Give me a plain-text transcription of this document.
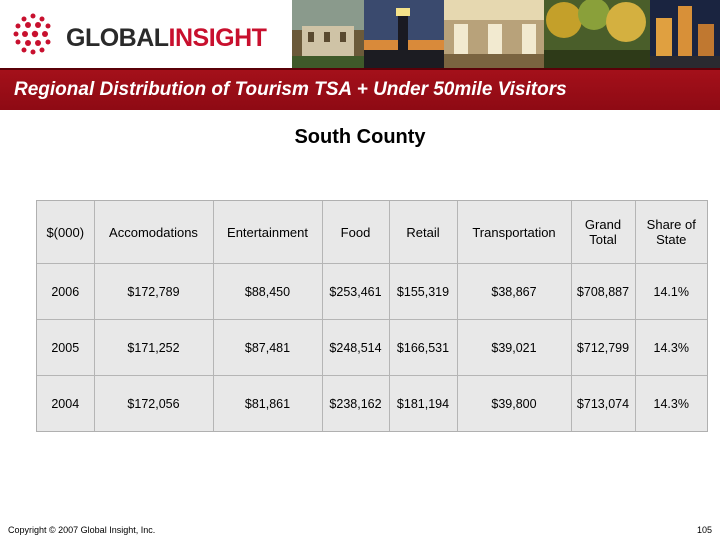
GLOBALINSIGHT
Regional Distribution of Tourism TSA + Under 50mile Visitors
South County
$(000)	Accomodations	Entertainment	Food	Retail	Transportation	Grand Total	Share of State
2006	$172,789	$88,450	$253,461	$155,319	$38,867	$708,887	14.1%
2005	$171,252	$87,481	$248,514	$166,531	$39,021	$712,799	14.3%
2004	$172,056	$81,861	$238,162	$181,194	$39,800	$713,074	14.3%
Copyright © 2007 Global Insight, Inc.	105
